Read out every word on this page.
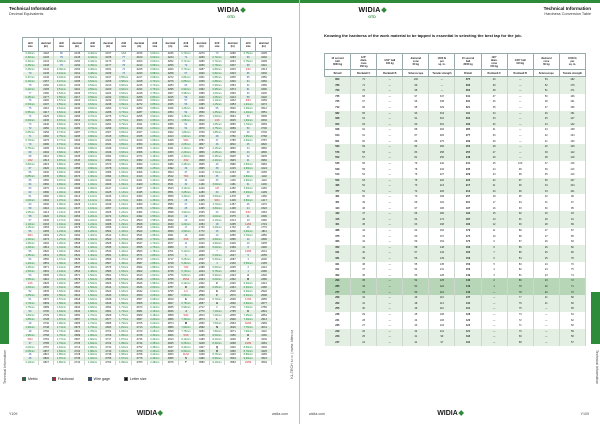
Technical Information
Decimal Equivalents	WIDIA
GTD
drill
size	decimal
(in)	drill
size	decimal
(in)	drill
size	decimal
(in)	drill
size	decimal
(in)	drill
size	decimal
(in)	drill
size	decimal
(in)	drill
size	decimal
(in)	drill
size	decimal
(in)
0,30mm	.0118	80	.0135	0,40mm	.0157	1/64	.0156	0,60mm	.0236	0,70mm	.0276	70	.0280	0,75mm	.0295
0,32mm	.0126	79	.0145	0,42mm	.0165	77	.0160	0,62mm	.0244	71	.0260	0,72mm	.0283	69	.0292
0,34mm	.0134	0,38mm	.0150	0,44mm	.0173	76	.0200	0,64mm	.0252	0,71mm	.0280	0,74mm	.0291	0,76mm	.0299
0,35mm	.0138	78	.0160	0,45mm	.0177	75	.0210	0,65mm	.0256	72	.0250	0,78mm	.0307	68	.0310
0,36mm	.0142	0,39mm	.0154	0,46mm	.0181	74	.0225	0,66mm	.0260	0,73mm	.0287	0,80mm	.0315	1/32	.0313
79	.0145	0,41mm	.0161	0,48mm	.0189	73	.0240	0,68mm	.0268	67	.0320	0,82mm	.0323	66	.0330
0,37mm	.0146	0,43mm	.0169	0,50mm	.0197	0,55mm	.0217	0,69mm	.0272	0,84mm	.0331	0,85mm	.0335	65	.0350
0,40mm	.0157	0,47mm	.0185	0,52mm	.0205	0,58mm	.0228	0,70mm	.0276	0,86mm	.0339	0,88mm	.0346	64	.0360
78	.0160	0,49mm	.0193	0,54mm	.0213	0,60mm	.0236	0,72mm	.0283	63	.0370	0,90mm	.0354	62	.0380
0,42mm	.0165	0,51mm	.0201	0,56mm	.0220	0,62mm	.0244	0,75mm	.0295	0,92mm	.0362	0,95mm	.0374	61	.0390
77	.0180	0,53mm	.0209	0,57mm	.0224	0,63mm	.0248	0,78mm	.0307	0,98mm	.0386	1,00mm	.0394	60	.0400
0,45mm	.0177	0,55mm	.0217	0,59mm	.0232	0,65mm	.0256	0,80mm	.0315	59	.0410	1,05mm	.0413	58	.0420
76	.0200	0,57mm	.0224	0,61mm	.0240	0,67mm	.0264	0,82mm	.0323	57	.0430	1,10mm	.0433	3/64	.0469
0,50mm	.0197	0,59mm	.0232	0,63mm	.0248	0,69mm	.0272	0,85mm	.0335	56	.0465	1,15mm	.0453	1,20mm	.0472
75	.0210	0,61mm	.0240	0,66mm	.0260	0,71mm	.0280	0,88mm	.0346	1,25mm	.0492	55	.0520	1,30mm	.0512
0,55mm	.0217	0,63mm	.0248	0,68mm	.0268	0,73mm	.0287	0,90mm	.0354	54	.0550	1,35mm	.0531	1,40mm	.0551
74	.0225	0,65mm	.0256	0,70mm	.0276	0,75mm	.0295	0,92mm	.0362	1,45mm	.0571	1,50mm	.0591	53	.0595
0,60mm	.0236	0,67mm	.0264	0,72mm	.0283	0,77mm	.0303	0,95mm	.0374	1,55mm	.0610	1/16	.0625	1,60mm	.0630
73	.0240	0,69mm	.0272	0,74mm	.0291	0,79mm	.0311	0,98mm	.0386	52	.0635	1,65mm	.0650	1,70mm	.0669
72	.0250	0,71mm	.0280	0,76mm	.0299	0,81mm	.0319	1,00mm	.0394	51	.0670	1,75mm	.0689	50	.0700
0,65mm	.0256	0,73mm	.0287	0,78mm	.0307	0,83mm	.0327	1,02mm	.0402	1,80mm	.0709	1,85mm	.0728	49	.0730
71	.0260	0,75mm	.0295	0,80mm	.0315	0,85mm	.0335	1,05mm	.0413	1,90mm	.0748	48	.0760	1,95mm	.0768
0,70mm	.0276	0,77mm	.0303	0,82mm	.0323	0,87mm	.0343	1,08mm	.0425	5/64	.0781	47	.0785	2,00mm	.0787
70	.0280	0,79mm	.0311	0,84mm	.0331	0,89mm	.0350	1,10mm	.0433	2,05mm	.0807	46	.0810	45	.0820
0,75mm	.0295	0,81mm	.0319	0,86mm	.0339	0,91mm	.0358	1,12mm	.0441	2,10mm	.0827	2,15mm	.0846	44	.0860
69	.0292	0,83mm	.0327	0,88mm	.0346	0,93mm	.0366	1,15mm	.0453	2,20mm	.0866	2,25mm	.0886	43	.0890
68	.0310	0,85mm	.0335	0,90mm	.0354	0,95mm	.0374	1,18mm	.0465	2,30mm	.0906	2,35mm	.0925	42	.0935
1/32	.0313	0,87mm	.0343	0,92mm	.0362	0,97mm	.0382	1,20mm	.0472	3/32	.0938	2,40mm	.0945	41	.0960
0,80mm	.0315	0,89mm	.0350	0,94mm	.0370	0,99mm	.0390	1,22mm	.0480	2,45mm	.0965	40	.0980	2,50mm	.0984
67	.0320	0,91mm	.0358	0,96mm	.0378	1,01mm	.0398	1,25mm	.0492	39	.0995	38	.1015	2,60mm	.1024
66	.0330	0,93mm	.0366	0,98mm	.0386	1,03mm	.0406	1,28mm	.0504	37	.1040	2,70mm	.1063	36	.1065
0,85mm	.0335	0,95mm	.0374	1,00mm	.0394	1,05mm	.0413	1,30mm	.0512	7/64	.1094	35	.1100	2,80mm	.1102
65	.0350	0,97mm	.0382	1,02mm	.0402	1,07mm	.0421	1,32mm	.0520	34	.1110	33	.1130	2,90mm	.1142
64	.0360	0,99mm	.0390	1,04mm	.0409	1,09mm	.0429	1,35mm	.0531	32	.1160	3,00mm	.1181	31	.1200
63	.0370	1,01mm	.0398	1,06mm	.0417	1,11mm	.0437	1,38mm	.0543	3,10mm	.1220	1/8	.1250	3,20mm	.1260
62	.0380	1,03mm	.0406	1,08mm	.0425	1,13mm	.0445	1,40mm	.0551	3,25mm	.1280	30	.1285	3,30mm	.1299
61	.0390	1,05mm	.0413	1,10mm	.0433	1,15mm	.0453	1,42mm	.0559	3,40mm	.1339	3,50mm	.1378	29	.1360
1,00mm	.0394	1,07mm	.0421	1,12mm	.0441	1,17mm	.0461	1,45mm	.0571	28	.1405	9/64	.1406	3,60mm	.1417
60	.0400	1,09mm	.0429	1,14mm	.0449	1,19mm	.0469	1,48mm	.0583	27	.1440	3,70mm	.1457	26	.1470
59	.0410	1,11mm	.0437	1,16mm	.0457	1,21mm	.0476	1,50mm	.0591	25	.1495	3,80mm	.1496	24	.1520
1,05mm	.0413	1,13mm	.0445	1,18mm	.0465	1,23mm	.0484	1,52mm	.0598	3,90mm	.1535	23	.1540	5/32	.1563
58	.0420	1,15mm	.0453	1,20mm	.0472	1,25mm	.0492	1,55mm	.0610	22	.1570	4,00mm	.1575	21	.1590
57	.0430	1,17mm	.0461	1,22mm	.0480	1,27mm	.0500	1,58mm	.0622	20	.1610	4,10mm	.1614	19	.1660
1,10mm	.0433	1,19mm	.0469	1,24mm	.0488	1,29mm	.0508	1,60mm	.0630	4,20mm	.1654	18	.1695	11/64	.1719
1,15mm	.0453	1,21mm	.0476	1,26mm	.0496	1,31mm	.0516	1,62mm	.0638	17	.1730	4,40mm	.1732	16	.1770
56	.0465	1,23mm	.0484	1,28mm	.0504	1,33mm	.0524	1,65mm	.0650	4,50mm	.1772	15	.1800	4,60mm	.1811
3/64	.0469	1,25mm	.0492	1,30mm	.0512	1,35mm	.0531	1,68mm	.0661	14	.1820	13	.1850	4,70mm	.1850
1,20mm	.0472	1,27mm	.0500	1,32mm	.0520	1,37mm	.0539	1,70mm	.0669	3/16	.1875	4,80mm	.1890	12	.1890
1,25mm	.0492	1,29mm	.0508	1,34mm	.0528	1,39mm	.0547	1,72mm	.0677	11	.1910	4,90mm	.1929	10	.1935
1,30mm	.0512	1,31mm	.0516	1,36mm	.0535	1,41mm	.0555	1,75mm	.0689	9	.1960	5,00mm	.1969	8	.1990
55	.0520	1,33mm	.0524	1,38mm	.0543	1,43mm	.0563	1,78mm	.0701	5,10mm	.2008	7	.2010	13/64	.2031
1,35mm	.0531	1,35mm	.0531	1,40mm	.0551	1,45mm	.0571	1,80mm	.0709	6	.2040	5,20mm	.2047	5	.2055
54	.0550	1,37mm	.0539	1,42mm	.0559	1,47mm	.0579	1,82mm	.0717	5,25mm	.2067	5,30mm	.2087	4	.2090
1,40mm	.0551	1,39mm	.0547	1,44mm	.0567	1,49mm	.0587	1,85mm	.0728	5,40mm	.2126	3	.2130	5,50mm	.2165
1,45mm	.0571	1,41mm	.0555	1,46mm	.0575	1,51mm	.0594	1,88mm	.0740	7/32	.2188	5,60mm	.2205	2	.2210
1,50mm	.0591	1,43mm	.0563	1,48mm	.0583	1,53mm	.0602	1,90mm	.0748	5,70mm	.2244	5,75mm	.2264	1	.2280
53	.0595	1,45mm	.0571	1,50mm	.0591	1,55mm	.0610	1,92mm	.0756	5,80mm	.2283	5,90mm	.2323	A	.2340
1,55mm	.0610	1,47mm	.0579	1,52mm	.0598	1,57mm	.0618	1,95mm	.0768	15/64	.2344	6,00mm	.2362	B	.2380
1/16	.0625	1,49mm	.0587	1,54mm	.0606	1,59mm	.0626	1,98mm	.0780	6,10mm	.2402	C	.2420	6,20mm	.2441
1,60mm	.0630	1,51mm	.0594	1,56mm	.0614	1,61mm	.0634	2,00mm	.0787	D	.2460	6,25mm	.2461	6,30mm	.2480
52	.0635	1,53mm	.0602	1,58mm	.0622	1,63mm	.0642	2,02mm	.0795	1/4	.2500	E	.2500	6,40mm	.2520
1,65mm	.0650	1,55mm	.0610	1,60mm	.0630	1,65mm	.0650	2,05mm	.0807	6,50mm	.2559	F	.2570	6,60mm	.2598
51	.0670	1,57mm	.0618	1,62mm	.0638	1,67mm	.0657	2,08mm	.0819	G	.2610	6,70mm	.2638	17/64	.2656
1,70mm	.0669	1,59mm	.0626	1,64mm	.0646	1,69mm	.0665	2,10mm	.0827	6,75mm	.2657	H	.2660	6,80mm	.2677
1,75mm	.0689	1,61mm	.0634	1,66mm	.0654	1,71mm	.0673	2,12mm	.0835	6,90mm	.2717	I	.2720	7,00mm	.2756
50	.0700	1,63mm	.0642	1,68mm	.0661	1,73mm	.0681	2,15mm	.0846	J	.2770	7,10mm	.2795	K	.2810
1,80mm	.0709	1,65mm	.0650	1,70mm	.0669	1,75mm	.0689	2,18mm	.0858	9/32	.2813	7,20mm	.2835	7,25mm	.2854
1,85mm	.0728	1,67mm	.0657	1,72mm	.0677	1,77mm	.0697	2,20mm	.0866	7,30mm	.2874	L	.2900	7,40mm	.2913
49	.0730	1,69mm	.0665	1,74mm	.0685	1,79mm	.0705	2,22mm	.0874	M	.2950	7,50mm	.2953	19/64	.2969
1,90mm	.0748	1,71mm	.0673	1,76mm	.0693	1,81mm	.0713	2,25mm	.0886	7,60mm	.2992	N	.3020	7,70mm	.3031
48	.0760	1,73mm	.0681	1,78mm	.0701	1,83mm	.0720	2,28mm	.0898	7,75mm	.3051	7,80mm	.3071	7,90mm	.3110
1,95mm	.0768	1,75mm	.0689	1,80mm	.0709	1,85mm	.0728	2,30mm	.0906	5/16	.3125	8,00mm	.3150	O	.3160
5/64	.0781	1,77mm	.0697	1,82mm	.0717	1,87mm	.0736	2,32mm	.0913	8,10mm	.3189	8,20mm	.3228	P	.3230
47	.0785	1,79mm	.0705	1,84mm	.0724	1,89mm	.0744	2,35mm	.0925	8,25mm	.3248	8,30mm	.3268	21/64	.3281
2,00mm	.0787	1,81mm	.0713	1,86mm	.0732	1,91mm	.0752	2,38mm	.0937	8,40mm	.3307	Q	.3320	8,50mm	.3346
2,05mm	.0807	1,83mm	.0720	1,88mm	.0740	1,93mm	.0760	2,40mm	.0945	8,60mm	.3386	R	.3390	8,70mm	.3425
46	.0810	1,85mm	.0728	1,90mm	.0748	1,95mm	.0768	2,42mm	.0953	11/32	.3438	8,75mm	.3445	8,80mm	.3465
45	.0820	1,87mm	.0736	1,92mm	.0756	1,97mm	.0776	2,45mm	.0965	S	.3480	8,90mm	.3504	9,00mm	.3543
2,10mm	.0827	1,89mm	.0744	1,94mm	.0764	1,99mm	.0783	2,48mm	.0976	T	.3580	9,10mm	.3583	23/64	.3594
Metric	Fractional	Wire gage	Letter size
Technical Information
Y109	WIDIA	widia.com
Technical Information
Hardness Conversion Table
WIDIA
GTD
Knowing the hardness of the work material to be tapped is essential in selecting the best tap for the job.
10 second
ball
3000 kg	120°
diam.
cone
150 kg	1/16" ball
100 kg	diamond
cone
60 kg	1000 lb
per
sq. in.	10 second
ball
3000 kg	120°
diam.
cone
150 kg	1/16" ball
100 kg	diamond
cone
60 kg	1000 lb
per
sq. in.
Brinell	Rockwell C	Rockwell B	Scleroscope	Tensile strength	Brinell	Rockwell C	Rockwell B	Scleroscope	Tensile strength
800	72	—	100	—	375	40	—	54	182
780	71	—	99	—	363	39	—	52	176
760	70	—	98	—	352	38	—	51	171
745	68	—	97	347	341	37	—	50	166
725	67	—	96	338	331	36	—	48	161
712	66	—	95	329	321	35	—	47	156
682	65	—	93	319	311	34	—	46	151
668	64	—	91	310	302	33	—	45	147
652	63	—	90	301	293	32	—	44	142
626	62	—	88	292	285	31	—	43	138
614	61	—	87	283	277	30	—	42	134
601	60	—	86	275	269	29	—	41	130
590	59	—	84	266	262	28	—	40	126
576	58	—	83	258	255	27	—	39	122
552	57	—	81	250	248	26	—	38	119
545	56	—	79	242	241	25	100	37	116
529	55	—	78	234	235	24	99	36	113
514	54	—	76	227	229	23	98	35	110
502	53	—	75	220	223	22	97	35	107
495	52	—	73	213	217	21	96	34	104
477	51	—	72	206	212	20	96	33	101
461	50	—	70	199	207	18	95	32	99
451	49	—	69	192	201	17	94	31	97
444	48	—	67	186	197	16	93	30	95
432	47	—	66	180	192	15	92	30	93
415	46	—	64	174	187	13	91	29	91
401	45	—	63	168	183	12	90	28	89
388	44	—	62	162	179	11	89	27	87
375	43	—	60	157	174	10	88	27	85
363	42	—	59	152	170	9	87	26	83
352	41	—	58	148	166	8	86	26	82
341	40	—	57	143	163	7	85	25	80
331	39	—	56	139	159	6	84	25	78
321	38	—	55	135	156	5	83	24	76
311	37	—	54	131	153	4	82	24	75
302	36	—	53	128	149	3	81	23	74
293	35	—	52	125	146	2	80	23	72
285	34	—	51	122	143	1	79	22	71
277	33	—	50	119	140	—	78	22	70
269	32	—	49	116	137	—	77	21	68
262	31	—	48	113	134	—	76	21	66
255	30	—	46	110	131	—	75	—	65
248	29	—	45	108	128	—	73	—	64
241	28	—	44	106	126	—	72	—	62
235	27	—	43	103	124	—	71	—	60
229	26	—	42	101	121	—	70	—	59
223	25	—	41	99	118	—	69	—	58
217	24	—	41	97	116	—	68	—	57
Technical Information
widia.com	WIDIA	Y109
KL-TECH s.r.o. | www. kltec.cz
